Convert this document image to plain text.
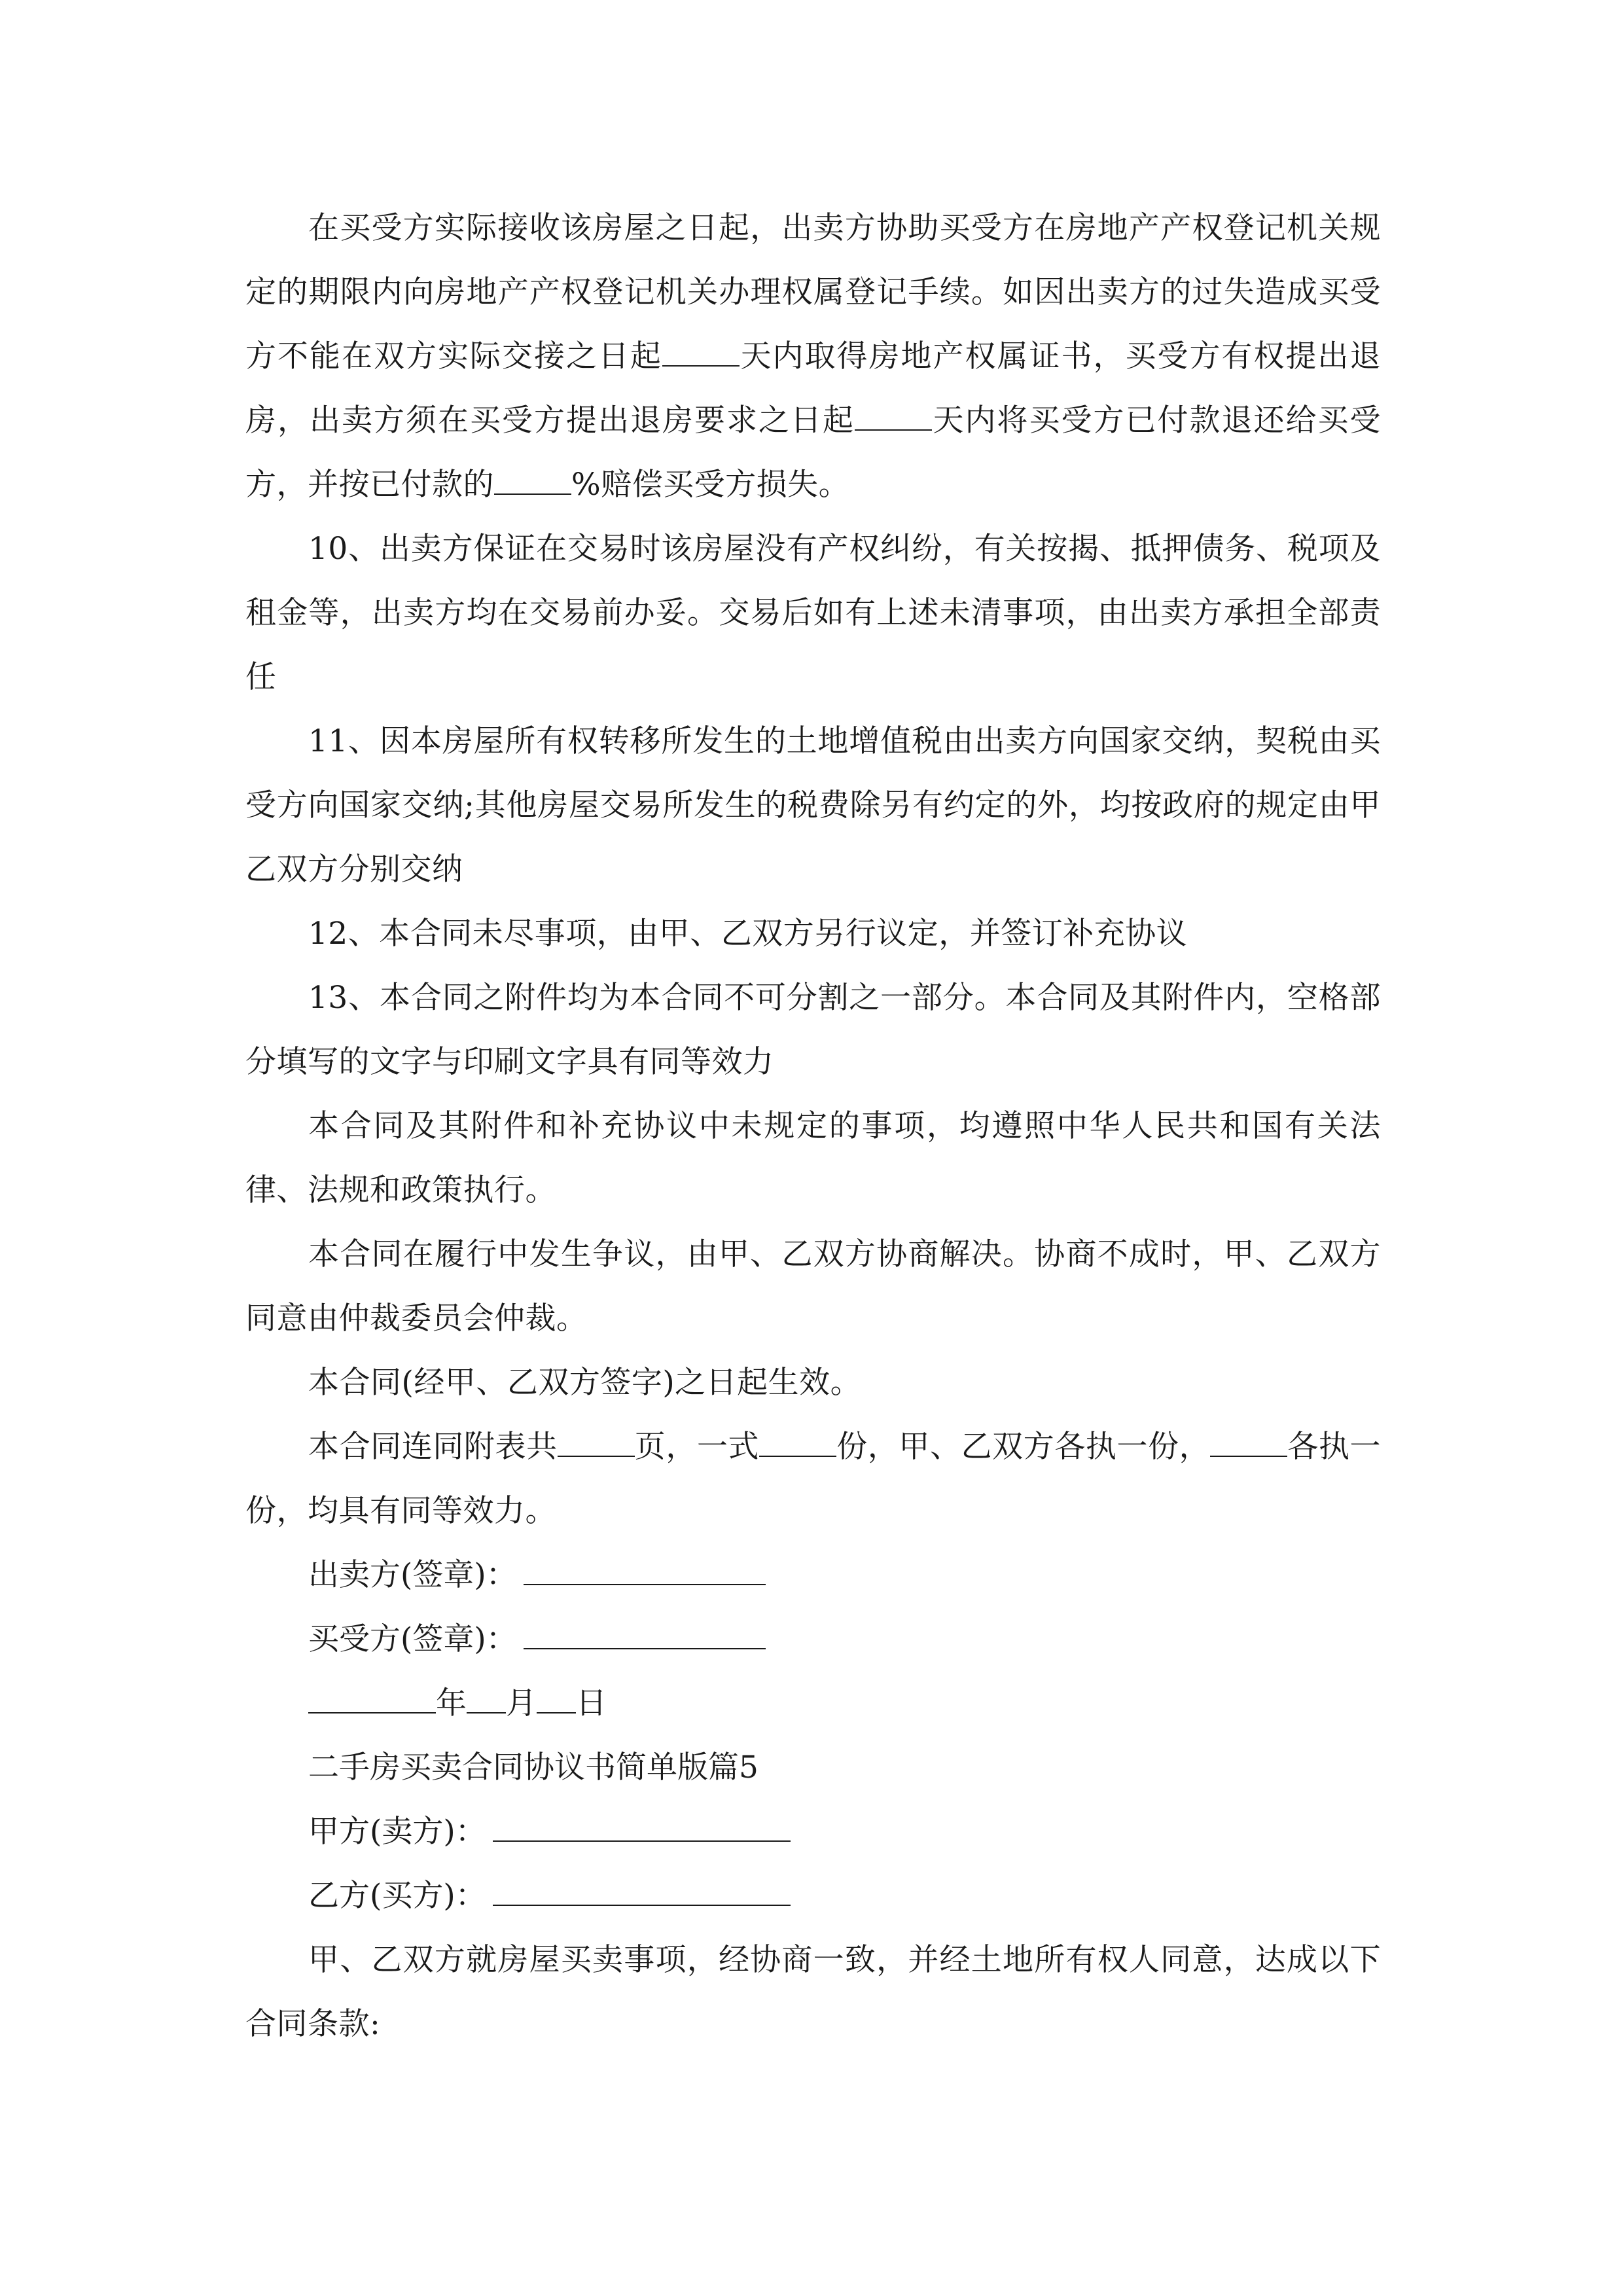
在买受方实际接收该房屋之日起，出卖方协助买受方在房地产产权登记机关规定的期限内向房地产产权登记机关办理权属登记手续。如因出卖方的过失造成买受方不能在双方实际交接之日起	天内取得房地产权属证书，买受方有权提出退房，出卖方须在买受方提出退房要求之日起	天内将买受方已付款退还给买受方，并按已付款的	%赔偿买受方损失。

10、出卖方保证在交易时该房屋没有产权纠纷，有关按揭、抵押债务、税项及租金等，出卖方均在交易前办妥。交易后如有上述未清事项，由出卖方承担全部责任

11、因本房屋所有权转移所发生的土地增值税由出卖方向国家交纳，契税由买受方向国家交纳;其他房屋交易所发生的税费除另有约定的外，均按政府的规定由甲乙双方分别交纳

12、本合同未尽事项，由甲、乙双方另行议定，并签订补充协议

13、本合同之附件均为本合同不可分割之一部分。本合同及其附件内，空格部分填写的文字与印刷文字具有同等效力

本合同及其附件和补充协议中未规定的事项，均遵照中华人民共和国有关法律、法规和政策执行。

本合同在履行中发生争议，由甲、乙双方协商解决。协商不成时，甲、乙双方同意由仲裁委员会仲裁。

本合同(经甲、乙双方签字)之日起生效。

本合同连同附表共	页，一式	份，甲、乙双方各执一份，	各执一份，均具有同等效力。

出卖方(签章)：

买受方(签章)：

年 月 日

二手房买卖合同协议书简单版篇5

甲方(卖方)：

乙方(买方)：

甲、乙双方就房屋买卖事项，经协商一致，并经土地所有权人同意，达成以下合同条款:
